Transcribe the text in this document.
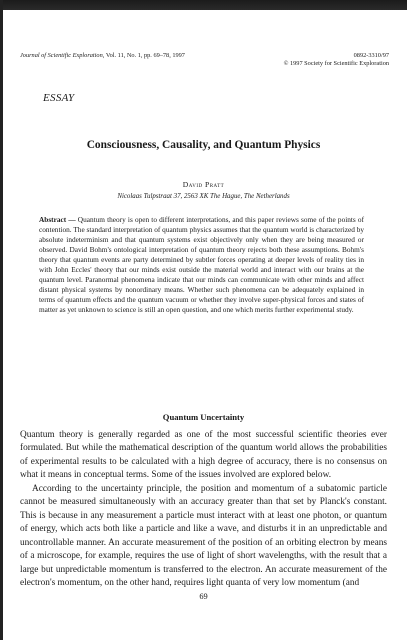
Journal of Scientific Exploration, Vol. 11, No. 1, pp. 69–78, 1997	0892-3310/97
© 1997 Society for Scientific Exploration
ESSAY
Consciousness, Causality, and Quantum Physics
David Pratt
Nicolaas Tulpstraat 37, 2563 XK The Hague, The Netherlands
Abstract — Quantum theory is open to different interpretations, and this paper reviews some of the points of contention. The standard interpretation of quantum physics assumes that the quantum world is characterized by absolute indeterminism and that quantum systems exist objectively only when they are being measured or observed. David Bohm's ontological interpretation of quantum theory rejects both these assumptions. Bohm's theory that quantum events are party determined by subtler forces operating at deeper levels of reality ties in with John Eccles' theory that our minds exist outside the material world and interact with our brains at the quantum level. Paranormal phenomena indicate that our minds can communicate with other minds and affect distant physical systems by nonordinary means. Whether such phenomena can be adequately explained in terms of quantum effects and the quantum vacuum or whether they involve super-physical forces and states of matter as yet unknown to science is still an open question, and one which merits further experimental study.
Quantum Uncertainty

Quantum theory is generally regarded as one of the most successful scientific theories ever formulated. But while the mathematical description of the quantum world allows the probabilities of experimental results to be calculated with a high degree of accuracy, there is no consensus on what it means in conceptual terms. Some of the issues involved are explored below.

According to the uncertainty principle, the position and momentum of a subatomic particle cannot be measured simultaneously with an accuracy greater than that set by Planck's constant. This is because in any measurement a particle must interact with at least one photon, or quantum of energy, which acts both like a particle and like a wave, and disturbs it in an unpredictable and uncontrollable manner. An accurate measurement of the position of an orbiting electron by means of a microscope, for example, requires the use of light of short wavelengths, with the result that a large but unpredictable momentum is transferred to the electron. An accurate measurement of the electron's momentum, on the other hand, requires light quanta of very low momentum (and

69
